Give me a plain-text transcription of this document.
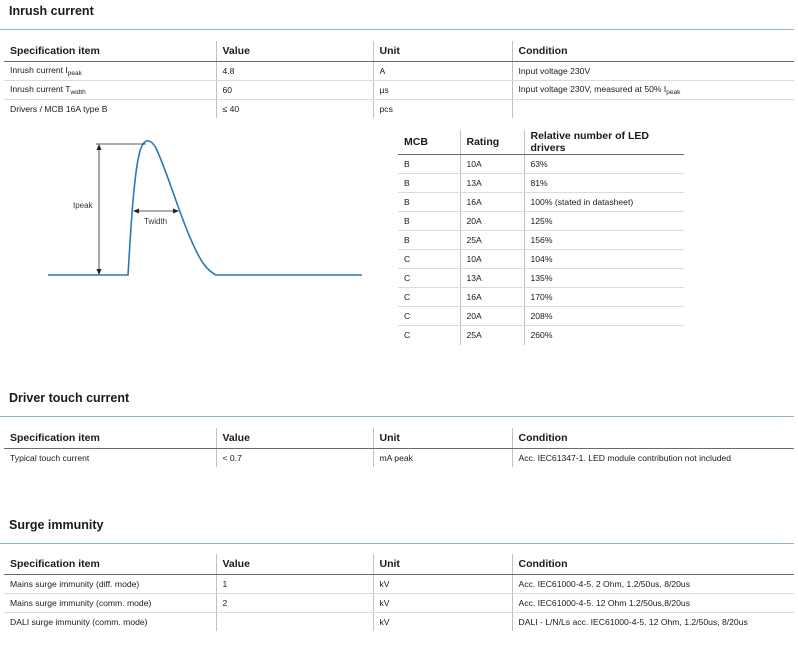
Inrush current
Specification item	Value	Unit	Condition
Inrush current $I_{peak}$	4.8	A	Input voltage 230V
Inrush current $T_{width}$	60	µs	Input voltage 230V, measured at 50% $I_{peak}$
Drivers / MCB 16A type B	≤ 40	pcs	
Ipeak
Twidth
MCB	Rating	Relative number of LED drivers
B	10A	63%
B	13A	81%
B	16A	100% (stated in datasheet)
B	20A	125%
B	25A	156%
C	10A	104%
C	13A	135%
C	16A	170%
C	20A	208%
C	25A	260%
Driver touch current
Specification item	Value	Unit	Condition
Typical touch current	< 0.7	mA peak	Acc. IEC61347-1. LED module contribution not included
Surge immunity
Specification item	Value	Unit	Condition
Mains surge immunity (diff. mode)	1	kV	Acc. IEC61000-4-5. 2 Ohm, 1.2/50us, 8/20us
Mains surge immunity (comm. mode)	2	kV	Acc. IEC61000-4-5. 12 Ohm 1.2/50us,8/20us
DALI surge immunity (comm. mode)		kV	DALI - L/N/Ls acc. IEC61000-4-5. 12 Ohm, 1.2/50us, 8/20us
